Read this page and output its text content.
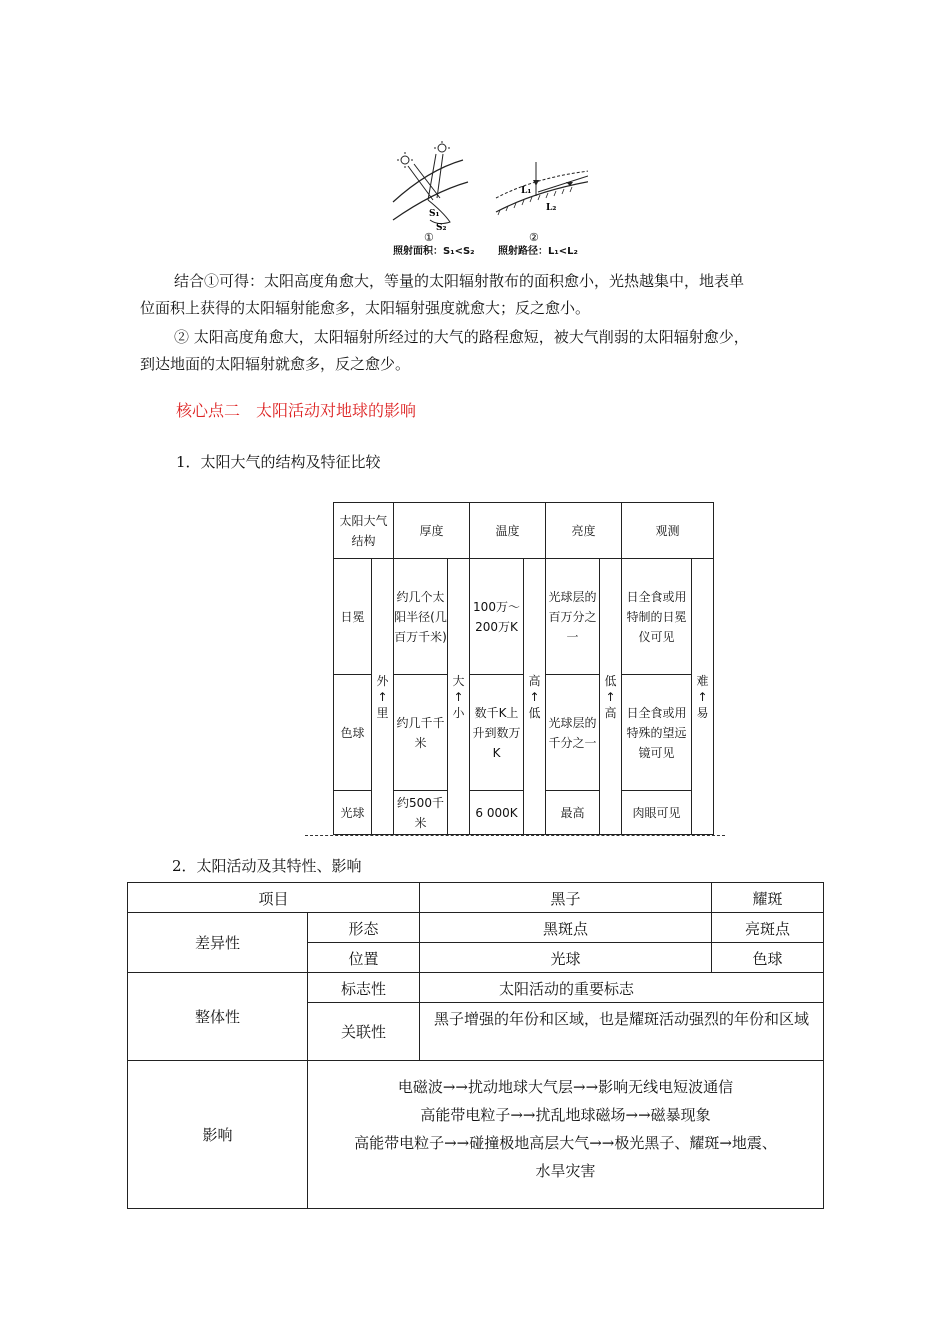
S₁
S₂
①
L₁
L₂
②
照射面积：S₁<S₂ 照射路径：L₁<L₂
结合①可得：太阳高度角愈大，等量的太阳辐射散布的面积愈小，光热越集中，地表单
位面积上获得的太阳辐射能愈多，太阳辐射强度就愈大；反之愈小。
② 太阳高度角愈大，太阳辐射所经过的大气的路程愈短，被大气削弱的太阳辐射愈少，
到达地面的太阳辐射就愈多，反之愈少。
核心点二　太阳活动对地球的影响
1．太阳大气的结构及特征比较
太阳大气结构		厚度		温度		亮度		观测	
日冕	外↑里	约几个太阳半径(几百万千米)	大↑小	100万～200万K	高↑低	光球层的百万分之一	低↑高	日全食或用特制的日冕仪可见	难↑易
色球		约几千千米		数千K上升到数万K		光球层的千分之一		日全食或用特殊的望远镜可见	
光球		约500千米		6 000K		最高		肉眼可见	
2．太阳活动及其特性、影响
项目		黑子	耀斑
差异性	形态	黑斑点	亮斑点
	位置	光球	色球
整体性	标志性	太阳活动的重要标志	
	关联性	黑子增强的年份和区域，也是耀斑活动强烈的年份和区域	
影响	电磁波→→扰动地球大气层→→影响无线电短波通信
高能带电粒子→→扰乱地球磁场→→磁暴现象
高能带电粒子→→碰撞极地高层大气→→极光黑子、耀斑→地震、
水旱灾害		
